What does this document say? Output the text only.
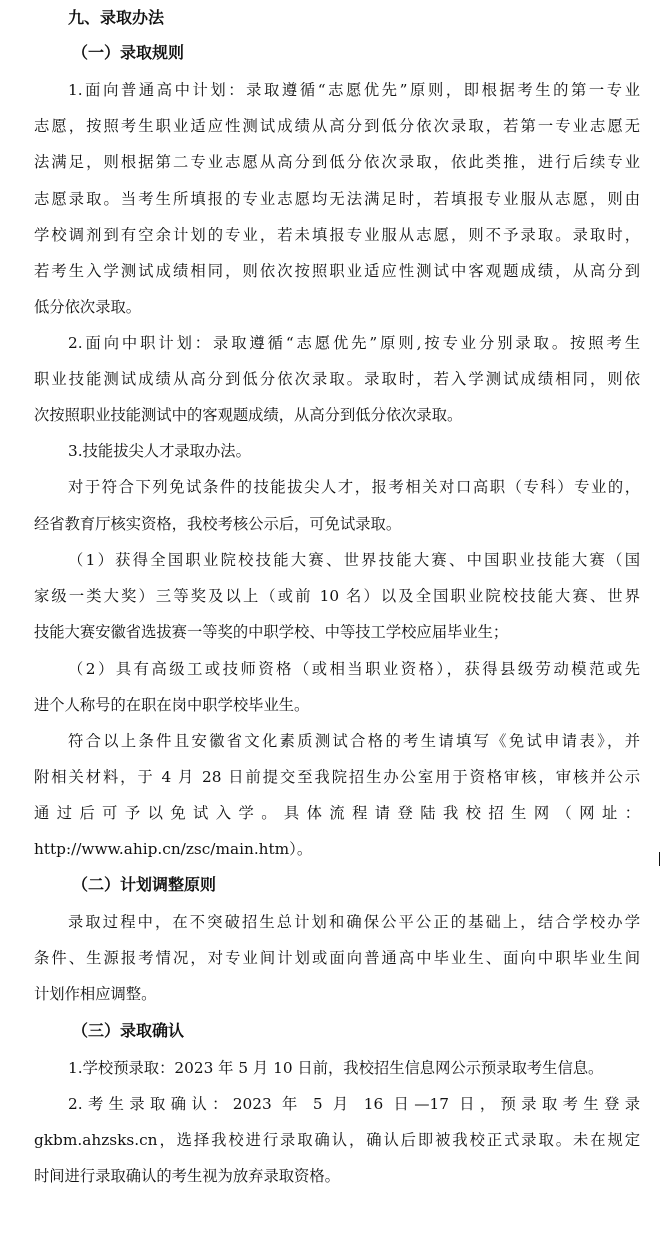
九、录取办法
（一）录取规则

1.面向普通高中计划：录取遵循“志愿优先”原则，即根据考生的第一专业

志愿，按照考生职业适应性测试成绩从高分到低分依次录取，若第一专业志愿无

法满足，则根据第二专业志愿从高分到低分依次录取，依此类推，进行后续专业

志愿录取。当考生所填报的专业志愿均无法满足时，若填报专业服从志愿，则由

学校调剂到有空余计划的专业，若未填报专业服从志愿，则不予录取。录取时，

若考生入学测试成绩相同，则依次按照职业适应性测试中客观题成绩，从高分到

低分依次录取。

2.面向中职计划：录取遵循“志愿优先”原则,按专业分别录取。按照考生

职业技能测试成绩从高分到低分依次录取。录取时，若入学测试成绩相同，则依

次按照职业技能测试中的客观题成绩，从高分到低分依次录取。

3.技能拔尖人才录取办法。

对于符合下列免试条件的技能拔尖人才，报考相关对口高职（专科）专业的，

经省教育厅核实资格，我校考核公示后，可免试录取。

（1）获得全国职业院校技能大赛、世界技能大赛、中国职业技能大赛（国

家级一类大奖）三等奖及以上（或前 10 名）以及全国职业院校技能大赛、世界

技能大赛安徽省选拔赛一等奖的中职学校、中等技工学校应届毕业生；

（2）具有高级工或技师资格（或相当职业资格），获得县级劳动模范或先

进个人称号的在职在岗中职学校毕业生。

符合以上条件且安徽省文化素质测试合格的考生请填写《免试申请表》，并

附相关材料，于 4 月 28 日前提交至我院招生办公室用于资格审核，审核并公示

通过后可予以免试入学。具体流程请登陆我校招生网（网址：

http://www.ahip.cn/zsc/main.htm）。

（二）计划调整原则

录取过程中，在不突破招生总计划和确保公平公正的基础上，结合学校办学

条件、生源报考情况，对专业间计划或面向普通高中毕业生、面向中职毕业生间

计划作相应调整。

（三）录取确认

1.学校预录取：2023 年 5 月 10 日前，我校招生信息网公示预录取考生信息。

2.考生录取确认：2023 年 5 月 16 日—17 日，预录取考生登录

gkbm.ahzsks.cn，选择我校进行录取确认，确认后即被我校正式录取。未在规定

时间进行录取确认的考生视为放弃录取资格。
